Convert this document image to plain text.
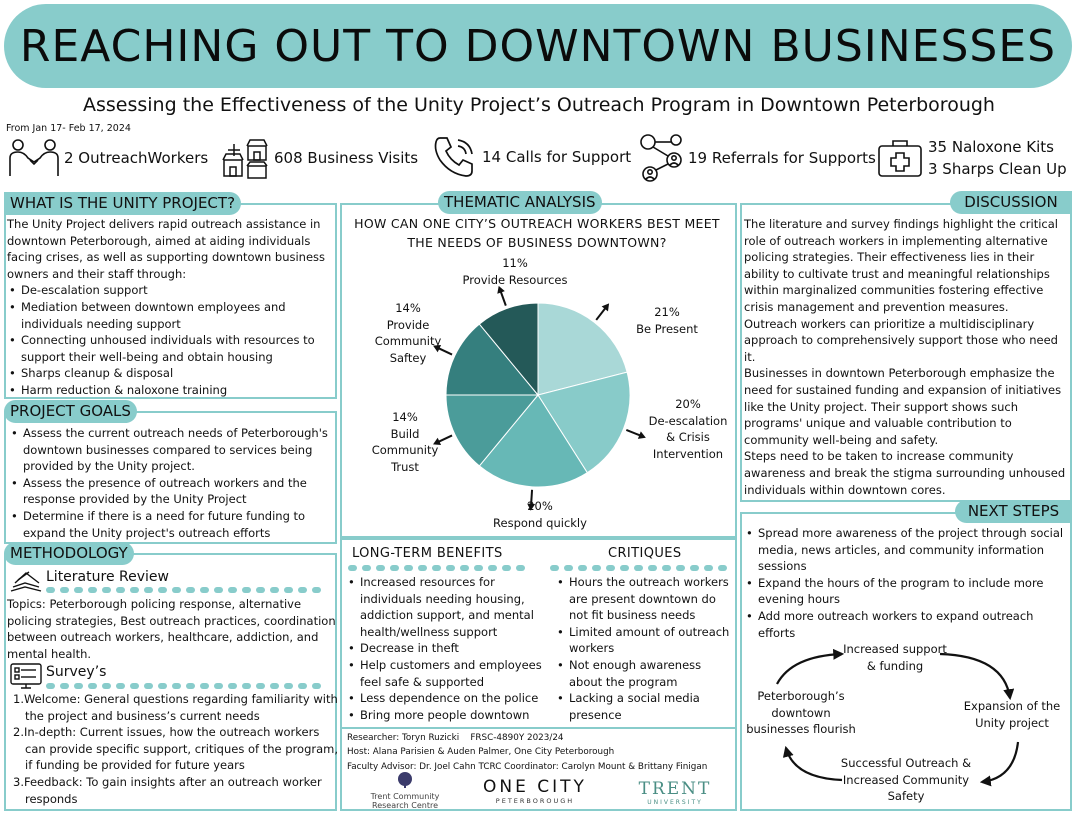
REACHING OUT TO DOWNTOWN BUSINESSES
Assessing the Effectiveness of the Unity Project’s Outreach Program in Downtown Peterborough
From Jan 17- Feb 17, 2024
2 OutreachWorkers	608 Business Visits	14 Calls for Support	19 Referrals for Supports
35 Naloxone Kits
3 Sharps Clean Up
WHAT IS THE UNITY PROJECT?
The Unity Project delivers rapid outreach assistance in downtown Peterborough, aimed at aiding individuals facing crises, as well as supporting downtown business owners and their staff through:
• De-escalation support
• Mediation between downtown employees and individuals needing support
• Connecting unhoused individuals with resources to support their well-being and obtain housing
• Sharps cleanup & disposal
• Harm reduction & naloxone training
PROJECT GOALS
• Assess the current outreach needs of Peterborough's downtown businesses compared to services being provided by the Unity project.
• Assess the presence of outreach workers and the response provided by the Unity Project
• Determine if there is a need for future funding to expand the Unity project's outreach efforts
METHODOLOGY
Literature Review
Topics: Peterborough policing response, alternative policing strategies, Best outreach practices, coordination between outreach workers, healthcare, addiction, and mental health.
Survey’s
1.Welcome: General questions regarding familiarity with the project and business’s current needs
2.In-depth: Current issues, how the outreach workers can provide specific support, critiques of the program, if funding be provided for future years
3.Feedback: To gain insights after an outreach worker responds
THEMATIC ANALYSIS
HOW CAN ONE CITY’S OUTREACH WORKERS BEST MEET
THE NEEDS OF BUSINESS DOWNTOWN?
11%
Provide Resources
21%
Be Present
14%
Provide
Community
Saftey
20%
De-escalation
& Crisis
Intervention
14%
Build
Community
Trust
20%
Respond quickly
LONG-TERM BENEFITS	CRITIQUES
• Increased resources for individuals needing housing, addiction support, and mental health/wellness support
• Decrease in theft
• Help customers and employees feel safe & supported
• Less dependence on the police
• Bring more people downtown
• Hours the outreach workers are present downtown do not fit business needs
• Limited amount of outreach workers
• Not enough awareness about the program
• Lacking a social media presence
Researcher: Toryn Ruzicki    FRSC-4890Y 2023/24
Host: Alana Parisien & Auden Palmer, One City Peterborough
Faculty Advisor: Dr. Joel Cahn TCRC Coordinator: Carolyn Mount & Brittany Finigan
Trent Community
Research Centre
ONE CITY
PETERBOROUGH
TRENT
UNIVERSITY
DISCUSSION
The literature and survey findings highlight the critical role of outreach workers in implementing alternative policing strategies. Their effectiveness lies in their ability to cultivate trust and meaningful relationships within marginalized communities fostering effective crisis management and prevention measures.
Outreach workers can prioritize a multidisciplinary approach to comprehensively support those who need it.
Businesses in downtown Peterborough emphasize the need for sustained funding and expansion of initiatives like the Unity project. Their support shows such programs' unique and valuable contribution to community well-being and safety.
Steps need to be taken to increase community awareness and break the stigma surrounding unhoused individuals within downtown cores.
NEXT STEPS
• Spread more awareness of the project through social media, news articles, and community information sessions
• Expand the hours of the program to include more evening hours
• Add more outreach workers to expand outreach efforts
Increased support & funding
Expansion of the Unity project
Successful Outreach & Increased Community Safety
Peterborough’s downtown businesses flourish
